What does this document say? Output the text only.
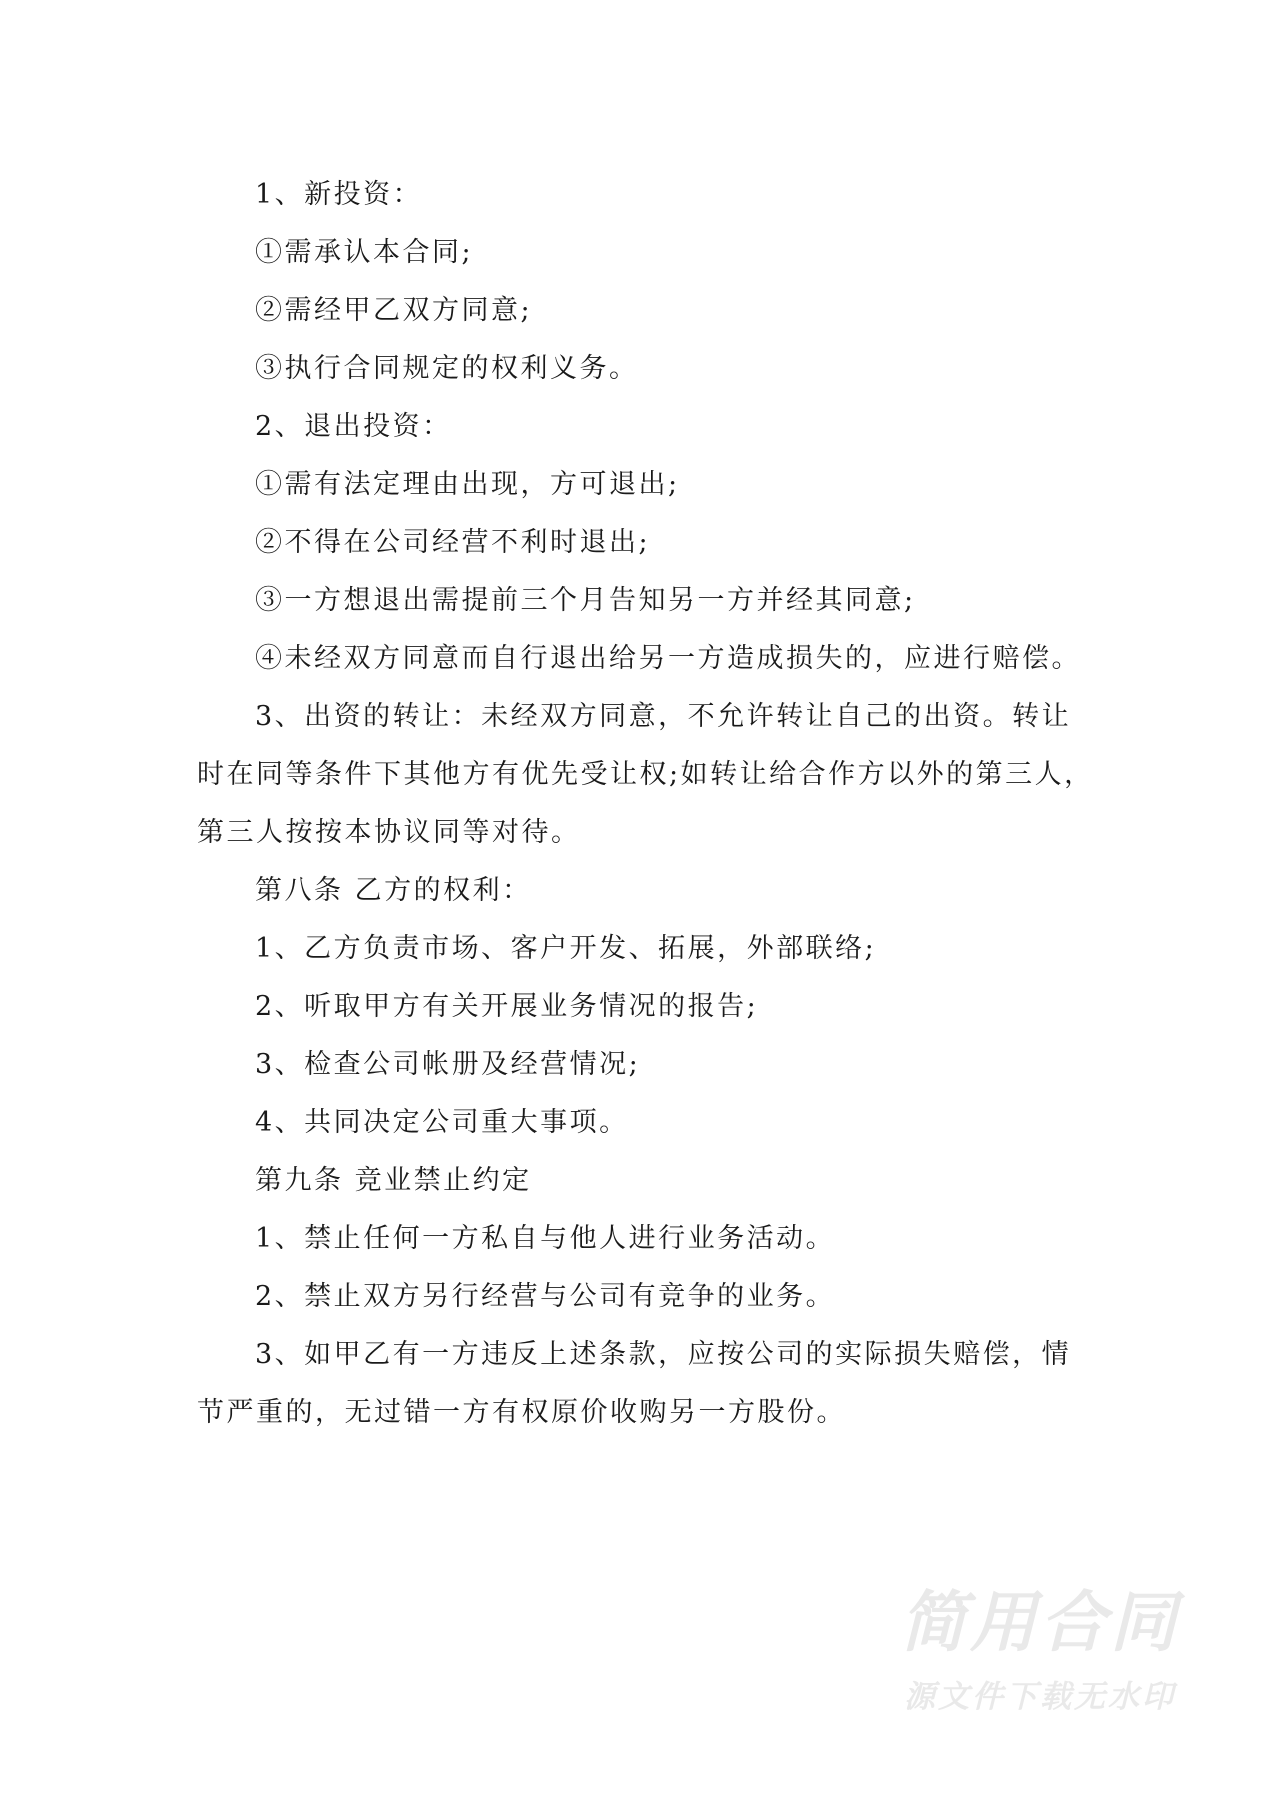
1、新投资：
①需承认本合同;
②需经甲乙双方同意;
③执行合同规定的权利义务。
2、退出投资：
①需有法定理由出现，方可退出;
②不得在公司经营不利时退出;
③一方想退出需提前三个月告知另一方并经其同意;
④未经双方同意而自行退出给另一方造成损失的，应进行赔偿。
3、出资的转让：未经双方同意，不允许转让自己的出资。转让
时在同等条件下其他方有优先受让权;如转让给合作方以外的第三人，
第三人按按本协议同等对待。
第八条 乙方的权利：
1、乙方负责市场、客户开发、拓展，外部联络;
2、听取甲方有关开展业务情况的报告;
3、检查公司帐册及经营情况;
4、共同决定公司重大事项。
第九条 竞业禁止约定
1、禁止任何一方私自与他人进行业务活动。
2、禁止双方另行经营与公司有竞争的业务。
3、如甲乙有一方违反上述条款，应按公司的实际损失赔偿，情
节严重的，无过错一方有权原价收购另一方股份。
简用合同
源文件下载无水印
